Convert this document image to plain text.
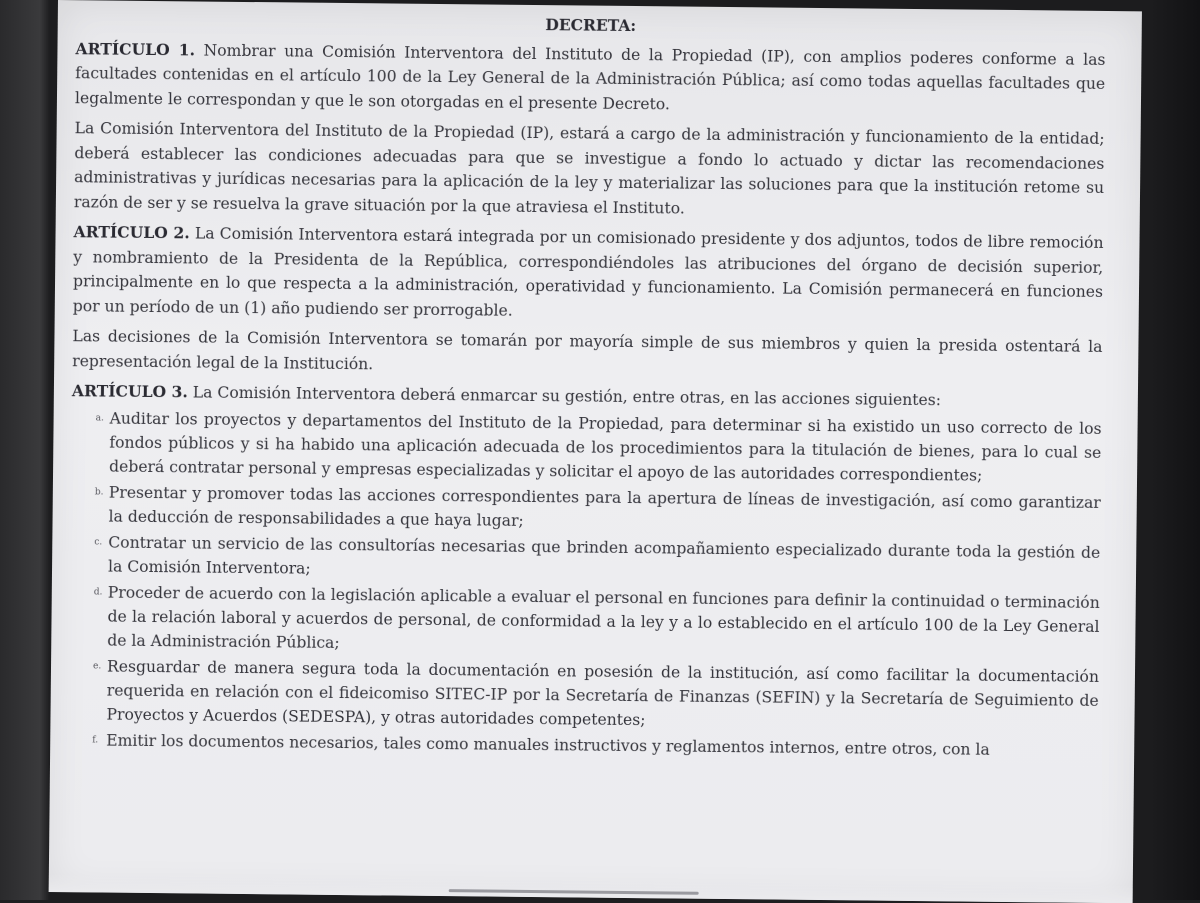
DECRETA:

ARTÍCULO 1. Nombrar una Comisión Interventora del Instituto de la Propiedad (IP), con amplios poderes conforme a las facultades contenidas en el artículo 100 de la Ley General de la Administración Pública; así como todas aquellas facultades que legalmente le correspondan y que le son otorgadas en el presente Decreto.

La Comisión Interventora del Instituto de la Propiedad (IP), estará a cargo de la administración y funcionamiento de la entidad; deberá establecer las condiciones adecuadas para que se investigue a fondo lo actuado y dictar las recomendaciones administrativas y jurídicas necesarias para la aplicación de la ley y materializar las soluciones para que la institución retome su razón de ser y se resuelva la grave situación por la que atraviesa el Instituto.

ARTÍCULO 2. La Comisión Interventora estará integrada por un comisionado presidente y dos adjuntos, todos de libre remoción y nombramiento de la Presidenta de la República, correspondiéndoles las atribuciones del órgano de decisión superior, principalmente en lo que respecta a la administración, operatividad y funcionamiento. La Comisión permanecerá en funciones por un período de un (1) año pudiendo ser prorrogable.

Las decisiones de la Comisión Interventora se tomarán por mayoría simple de sus miembros y quien la presida ostentará la representación legal de la Institución.

ARTÍCULO 3. La Comisión Interventora deberá enmarcar su gestión, entre otras, en las acciones siguientes:

a. Auditar los proyectos y departamentos del Instituto de la Propiedad, para determinar si ha existido un uso correcto de los fondos públicos y si ha habido una aplicación adecuada de los procedimientos para la titulación de bienes, para lo cual se deberá contratar personal y empresas especializadas y solicitar el apoyo de las autoridades correspondientes;
b. Presentar y promover todas las acciones correspondientes para la apertura de líneas de investigación, así como garantizar la deducción de responsabilidades a que haya lugar;
c. Contratar un servicio de las consultorías necesarias que brinden acompañamiento especializado durante toda la gestión de la Comisión Interventora;
d. Proceder de acuerdo con la legislación aplicable a evaluar el personal en funciones para definir la continuidad o terminación de la relación laboral y acuerdos de personal, de conformidad a la ley y a lo establecido en el artículo 100 de la Ley General de la Administración Pública;
e. Resguardar de manera segura toda la documentación en posesión de la institución, así como facilitar la documentación requerida en relación con el fideicomiso SITEC-IP por la Secretaría de Finanzas (SEFIN) y la Secretaría de Seguimiento de Proyectos y Acuerdos (SEDESPA), y otras autoridades competentes;
f. Emitir los documentos necesarios, tales como manuales instructivos y reglamentos internos, entre otros, con la
